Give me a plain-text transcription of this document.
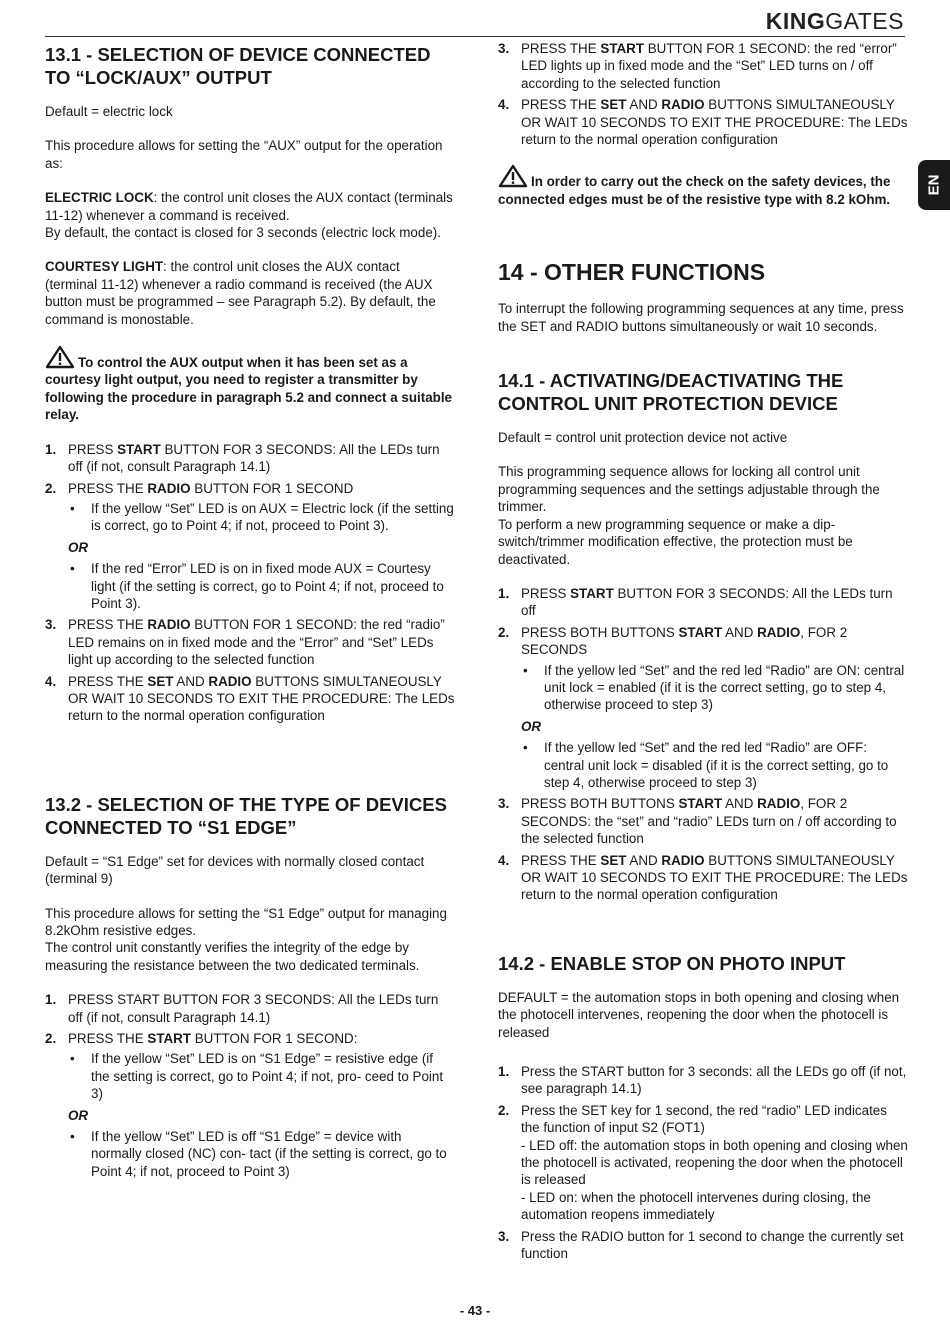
KINGGATES
EN
13.1 - SELECTION OF DEVICE CONNECTED TO “LOCK/AUX” OUTPUT

Default = electric lock

This procedure allows for setting the “AUX” output for the operation as:

ELECTRIC LOCK: the control unit closes the AUX contact (terminals 11-12) whenever a command is received.

By default, the contact is closed for 3 seconds (electric lock mode).

COURTESY LIGHT: the control unit closes the AUX contact (terminal 11-12) whenever a radio command is received (the AUX button must be programmed – see Paragraph 5.2). By default, the command is monostable.

To control the AUX output when it has been set as a courtesy light output, you need to register a transmitter by following the procedure in paragraph 5.2 and connect a suitable relay.

1. PRESS START BUTTON FOR 3 SECONDS: All the LEDs turn off (if not, consult Paragraph 14.1)
2. PRESS THE RADIO BUTTON FOR 1 SECOND
• If the yellow “Set” LED is on AUX = Electric lock (if the setting is correct, go to Point 4; if not, proceed to Point 3).
OR
• If the red “Error” LED is on in fixed mode AUX = Courtesy light (if the setting is correct, go to Point 4; if not, proceed to Point 3).
3. PRESS THE RADIO BUTTON FOR 1 SECOND: the red “radio” LED remains on in fixed mode and the “Error” and “Set” LEDs light up according to the selected function
4. PRESS THE SET AND RADIO BUTTONS SIMULTANEOUSLY OR WAIT 10 SECONDS TO EXIT THE PROCEDURE: The LEDs return to the normal operation configuration
13.2 - SELECTION OF THE TYPE OF DEVICES CONNECTED TO “S1 EDGE”

Default = “S1 Edge” set for devices with normally closed contact (terminal 9)

This procedure allows for setting the “S1 Edge” output for managing 8.2kOhm resistive edges.

The control unit constantly verifies the integrity of the edge by measuring the resistance between the two dedicated terminals.

1. PRESS START BUTTON FOR 3 SECONDS: All the LEDs turn off (if not, consult Paragraph 14.1)
2. PRESS THE START BUTTON FOR 1 SECOND:
• If the yellow “Set” LED is on “S1 Edge” = resistive edge (if the setting is correct, go to Point 4; if not, pro- ceed to Point 3)
OR
• If the yellow “Set” LED is off “S1 Edge” = device with normally closed (NC) con- tact (if the setting is correct, go to Point 4; if not, proceed to Point 3)
3. PRESS THE START BUTTON FOR 1 SECOND: the red “error” LED lights up in fixed mode and the “Set” LED turns on / off according to the selected function
4. PRESS THE SET AND RADIO BUTTONS SIMULTANEOUSLY OR WAIT 10 SECONDS TO EXIT THE PROCEDURE: The LEDs return to the normal operation configuration

In order to carry out the check on the safety devices, the connected edges must be of the resistive type with 8.2 kOhm.

14 - OTHER FUNCTIONS

To interrupt the following programming sequences at any time, press the SET and RADIO buttons simultaneously or wait 10 seconds.

14.1 - ACTIVATING/DEACTIVATING THE CONTROL UNIT PROTECTION DEVICE

Default = control unit protection device not active

This programming sequence allows for locking all control unit programming sequences and the settings adjustable through the trimmer.

To perform a new programming sequence or make a dip-switch/trimmer modification effective, the protection must be deactivated.

1. PRESS START BUTTON FOR 3 SECONDS: All the LEDs turn off
2. PRESS BOTH BUTTONS START AND RADIO, FOR 2 SECONDS
• If the yellow led “Set” and the red led “Radio” are ON: central unit lock = enabled (if it is the correct setting, go to step 4, otherwise proceed to step 3)
OR
• If the yellow led “Set” and the red led “Radio” are OFF: central unit lock = disabled (if it is the correct setting, go to step 4, otherwise proceed to step 3)
3. PRESS BOTH BUTTONS START AND RADIO, FOR 2 SECONDS: the “set” and “radio” LEDs turn on / off according to the selected function
4. PRESS THE SET AND RADIO BUTTONS SIMULTANEOUSLY OR WAIT 10 SECONDS TO EXIT THE PROCEDURE: The LEDs return to the normal operation configuration
14.2 - ENABLE STOP ON PHOTO INPUT

DEFAULT = the automation stops in both opening and closing when the photocell intervenes, reopening the door when the photocell is released

1. Press the START button for 3 seconds: all the LEDs go off (if not, see paragraph 14.1)
2. Press the SET key for 1 second, the red “radio” LED indicates the function of input S2 (FOT1)
- LED off: the automation stops in both opening and closing when the photocell is activated, reopening the door when the photocell is released
- LED on: when the photocell intervenes during closing, the automation reopens immediately
3. Press the RADIO button for 1 second to change the currently set function
- 43 -
